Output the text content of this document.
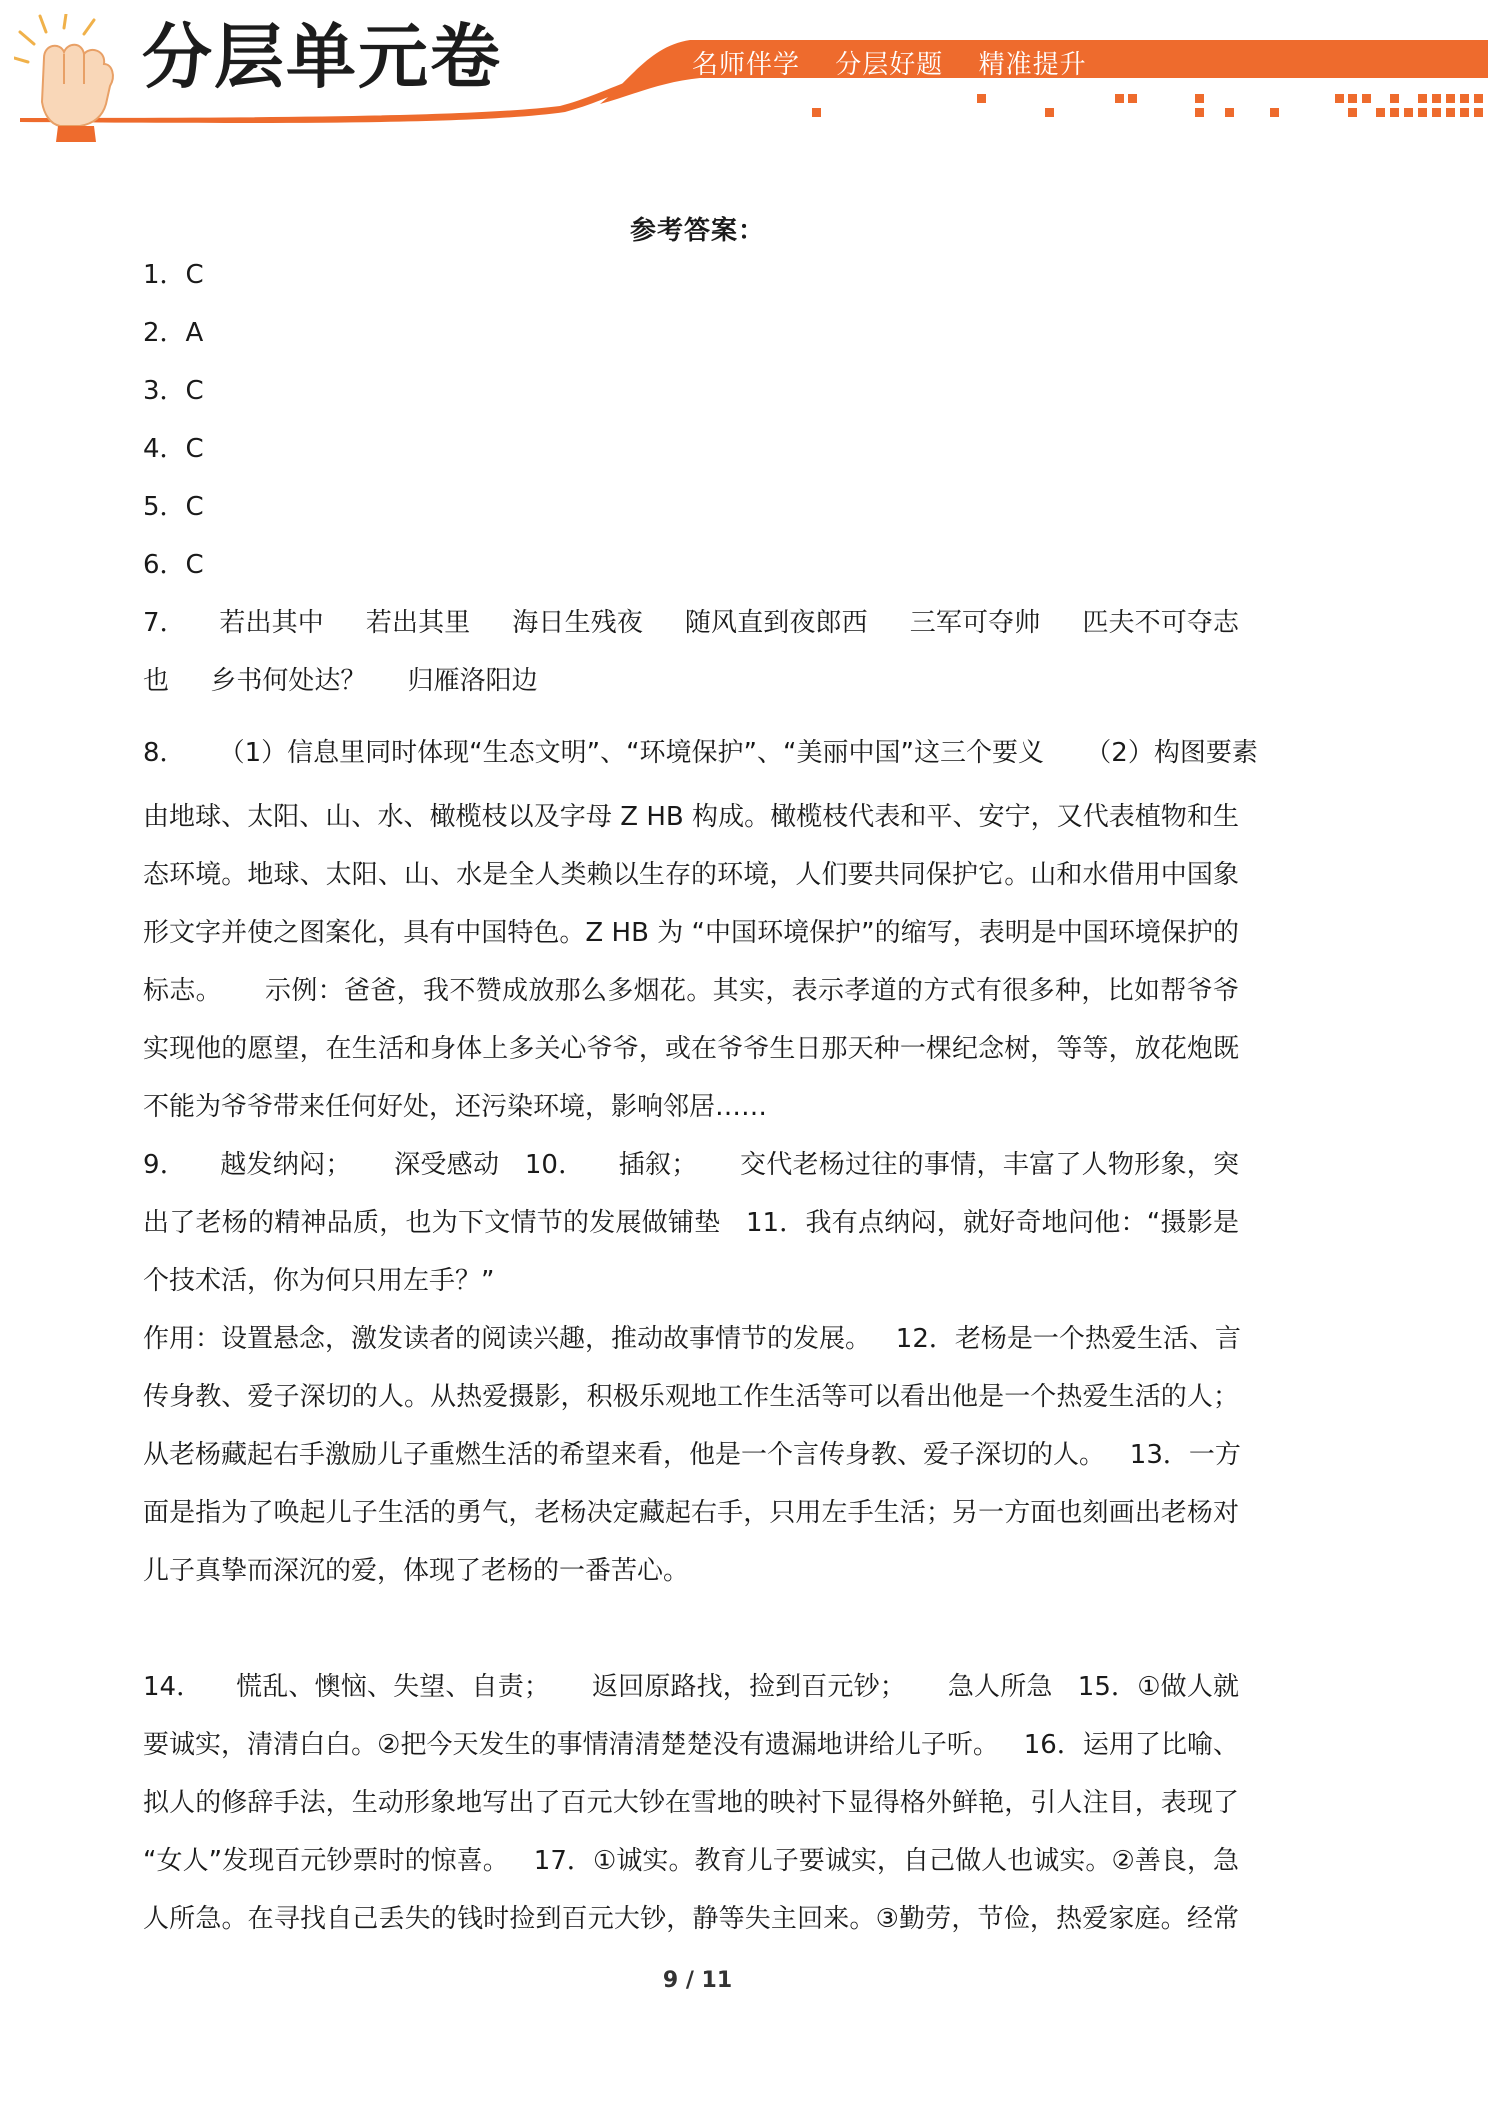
分层单元卷	名师伴学 分层好题 精准提升
参考答案：
1．C
2．A
3．C
4．C
5．C
6．C
7．    若出其中     若出其里     海日生残夜     随风直到夜郎西     三军可夺帅     匹夫不可夺志
也     乡书何处达？     归雁洛阳边
8．    （1）信息里同时体现“生态文明”、“环境保护”、“美丽中国”这三个要义     （2）构图要素
由地球、太阳、山、水、橄榄枝以及字母 Z HB 构成。橄榄枝代表和平、安宁，又代表植物和生
态环境。地球、太阳、山、水是全人类赖以生存的环境，人们要共同保护它。山和水借用中国象
形文字并使之图案化，具有中国特色。Z HB 为 “中国环境保护”的缩写，表明是中国环境保护的
标志。     示例：爸爸，我不赞成放那么多烟花。其实，表示孝道的方式有很多种，比如帮爷爷
实现他的愿望，在生活和身体上多关心爷爷，或在爷爷生日那天种一棵纪念树，等等，放花炮既
不能为爷爷带来任何好处，还污染环境，影响邻居……
9．    越发纳闷；     深受感动   10．    插叙；     交代老杨过往的事情，丰富了人物形象，突
出了老杨的精神品质，也为下文情节的发展做铺垫   11．我有点纳闷，就好奇地问他：“摄影是
个技术活，你为何只用左手？”
作用：设置悬念，激发读者的阅读兴趣，推动故事情节的发展。   12．老杨是一个热爱生活、言
传身教、爱子深切的人。从热爱摄影，积极乐观地工作生活等可以看出他是一个热爱生活的人；
从老杨藏起右手激励儿子重燃生活的希望来看，他是一个言传身教、爱子深切的人。   13．一方
面是指为了唤起儿子生活的勇气，老杨决定藏起右手，只用左手生活；另一方面也刻画出老杨对
儿子真挚而深沉的爱，体现了老杨的一番苦心。
14．    慌乱、懊恼、失望、自责；     返回原路找，捡到百元钞；     急人所急   15．①做人就
要诚实，清清白白。②把今天发生的事情清清楚楚没有遗漏地讲给儿子听。   16．运用了比喻、
拟人的修辞手法，生动形象地写出了百元大钞在雪地的映衬下显得格外鲜艳，引人注目，表现了
“女人”发现百元钞票时的惊喜。   17．①诚实。教育儿子要诚实，自己做人也诚实。②善良，急
人所急。在寻找自己丢失的钱时捡到百元大钞，静等失主回来。③勤劳，节俭，热爱家庭。经常
9 / 11
